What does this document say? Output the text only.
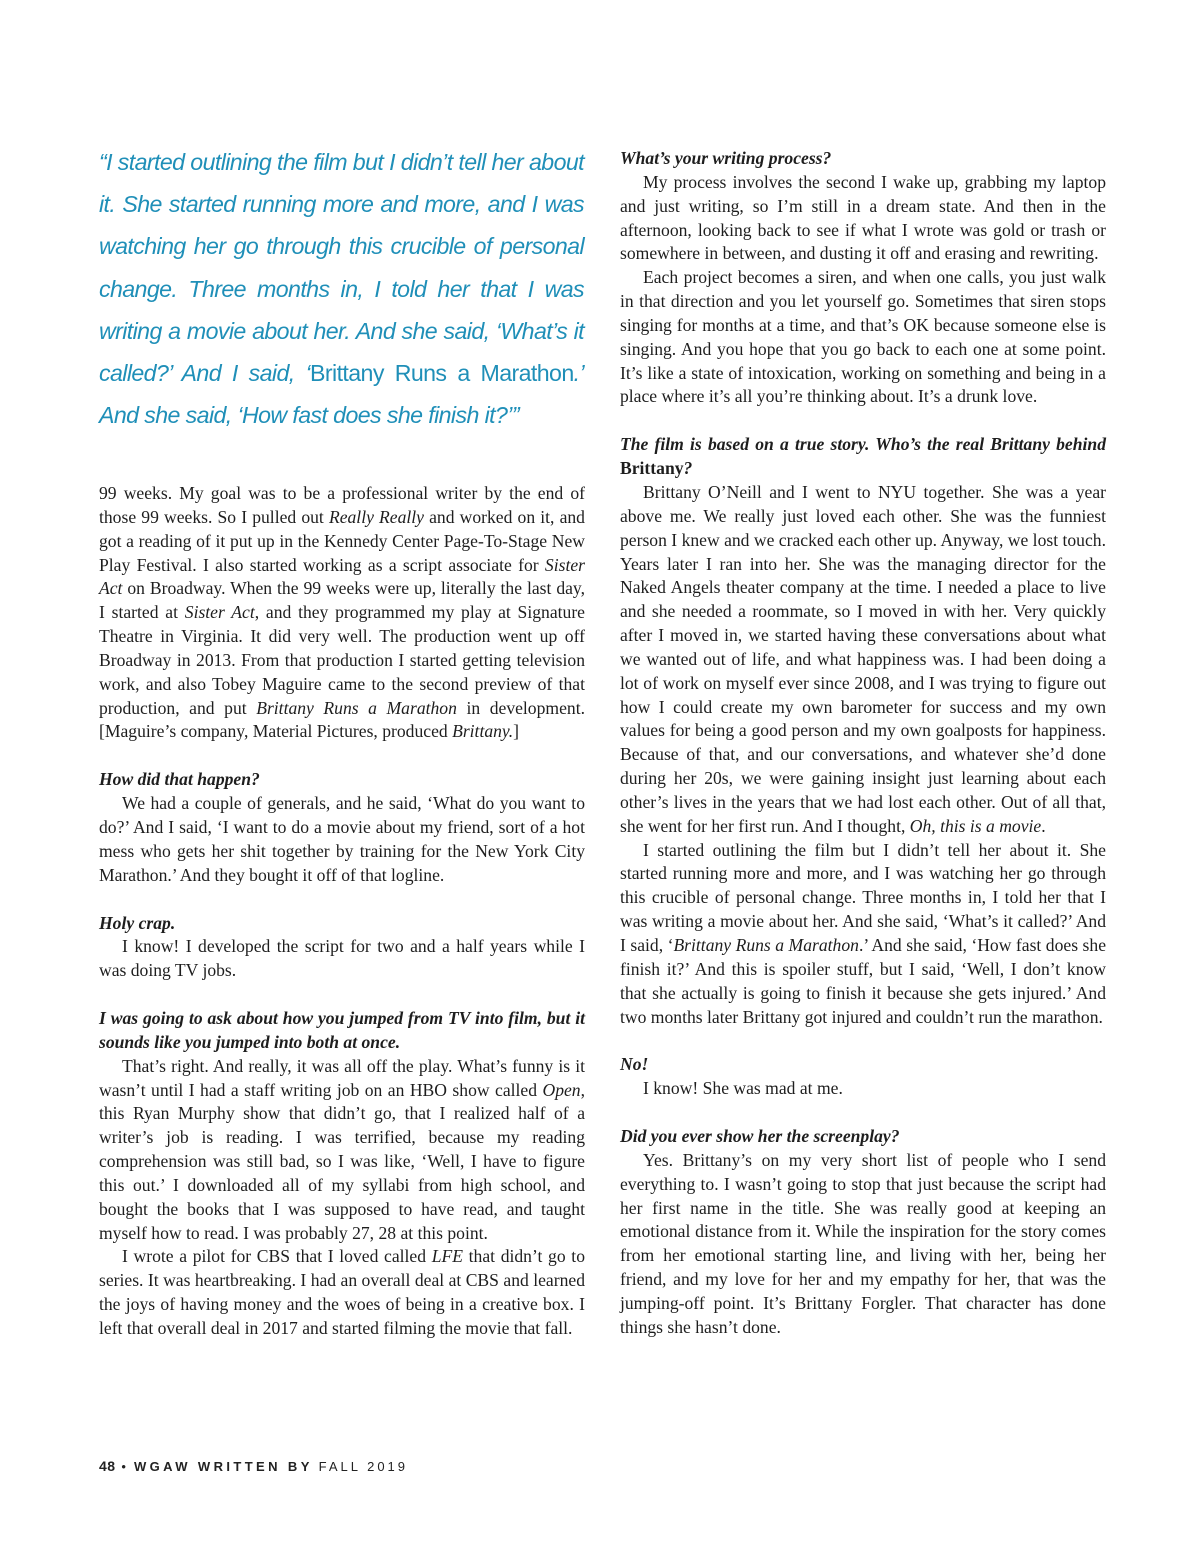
“I started outlining the film but I didn’t tell her about it. She started running more and more, and I was watching her go through this crucible of personal change. Three months in, I told her that I was writing a movie about her. And she said, ‘What’s it called?’ And I said, ‘Brittany Runs a Marathon.’ And she said, ‘How fast does she finish it?’”

99 weeks. My goal was to be a professional writer by the end of those 99 weeks. So I pulled out Really Really and worked on it, and got a reading of it put up in the Kennedy Center Page-To-Stage New Play Festival. I also started working as a script associate for Sister Act on Broadway. When the 99 weeks were up, literally the last day, I started at Sister Act, and they programmed my play at Signature Theatre in Virginia. It did very well. The production went up off Broadway in 2013. From that production I started getting television work, and also Tobey Maguire came to the second preview of that production, and put Brittany Runs a Marathon in development. [Maguire’s company, Material Pictures, produced Brittany.]

How did that happen?

We had a couple of generals, and he said, ‘What do you want to do?’ And I said, ‘I want to do a movie about my friend, sort of a hot mess who gets her shit together by training for the New York City Marathon.’ And they bought it off of that logline.

Holy crap.

I know! I developed the script for two and a half years while I was doing TV jobs.

I was going to ask about how you jumped from TV into film, but it sounds like you jumped into both at once.

That’s right. And really, it was all off the play. What’s funny is it wasn’t until I had a staff writing job on an HBO show called Open, this Ryan Murphy show that didn’t go, that I realized half of a writer’s job is reading. I was terrified, because my reading comprehension was still bad, so I was like, ‘Well, I have to figure this out.’ I downloaded all of my syllabi from high school, and bought the books that I was supposed to have read, and taught myself how to read. I was probably 27, 28 at this point.

I wrote a pilot for CBS that I loved called LFE that didn’t go to series. It was heartbreaking. I had an overall deal at CBS and learned the joys of having money and the woes of being in a creative box. I left that overall deal in 2017 and started filming the movie that fall.

What’s your writing process?

My process involves the second I wake up, grabbing my laptop and just writing, so I’m still in a dream state. And then in the afternoon, looking back to see if what I wrote was gold or trash or somewhere in between, and dusting it off and erasing and rewriting.

Each project becomes a siren, and when one calls, you just walk in that direction and you let yourself go. Sometimes that siren stops singing for months at a time, and that’s OK because someone else is singing. And you hope that you go back to each one at some point. It’s like a state of intoxication, working on something and being in a place where it’s all you’re thinking about. It’s a drunk love.

The film is based on a true story. Who’s the real Brittany behind Brittany?

Brittany O’Neill and I went to NYU together. She was a year above me. We really just loved each other. She was the funniest person I knew and we cracked each other up. Anyway, we lost touch. Years later I ran into her. She was the managing director for the Naked Angels theater company at the time. I needed a place to live and she needed a roommate, so I moved in with her. Very quickly after I moved in, we started having these conversations about what we wanted out of life, and what happiness was. I had been doing a lot of work on myself ever since 2008, and I was trying to figure out how I could create my own barometer for success and my own values for being a good person and my own goalposts for happiness. Because of that, and our conversations, and whatever she’d done during her 20s, we were gaining insight just learning about each other’s lives in the years that we had lost each other. Out of all that, she went for her first run. And I thought, Oh, this is a movie.

I started outlining the film but I didn’t tell her about it. She started running more and more, and I was watching her go through this crucible of personal change. Three months in, I told her that I was writing a movie about her. And she said, ‘What’s it called?’ And I said, ‘Brittany Runs a Marathon.’ And she said, ‘How fast does she finish it?’ And this is spoiler stuff, but I said, ‘Well, I don’t know that she actually is going to finish it because she gets injured.’ And two months later Brittany got injured and couldn’t run the marathon.

No!

I know! She was mad at me.

Did you ever show her the screenplay?

Yes. Brittany’s on my very short list of people who I send everything to. I wasn’t going to stop that just because the script had her first name in the title. She was really good at keeping an emotional distance from it. While the inspiration for the story comes from her emotional starting line, and living with her, being her friend, and my love for her and my empathy for her, that was the jumping-off point. It’s Brittany Forgler. That character has done things she hasn’t done.

48 • WGAW WRITTEN BY FALL 2019
